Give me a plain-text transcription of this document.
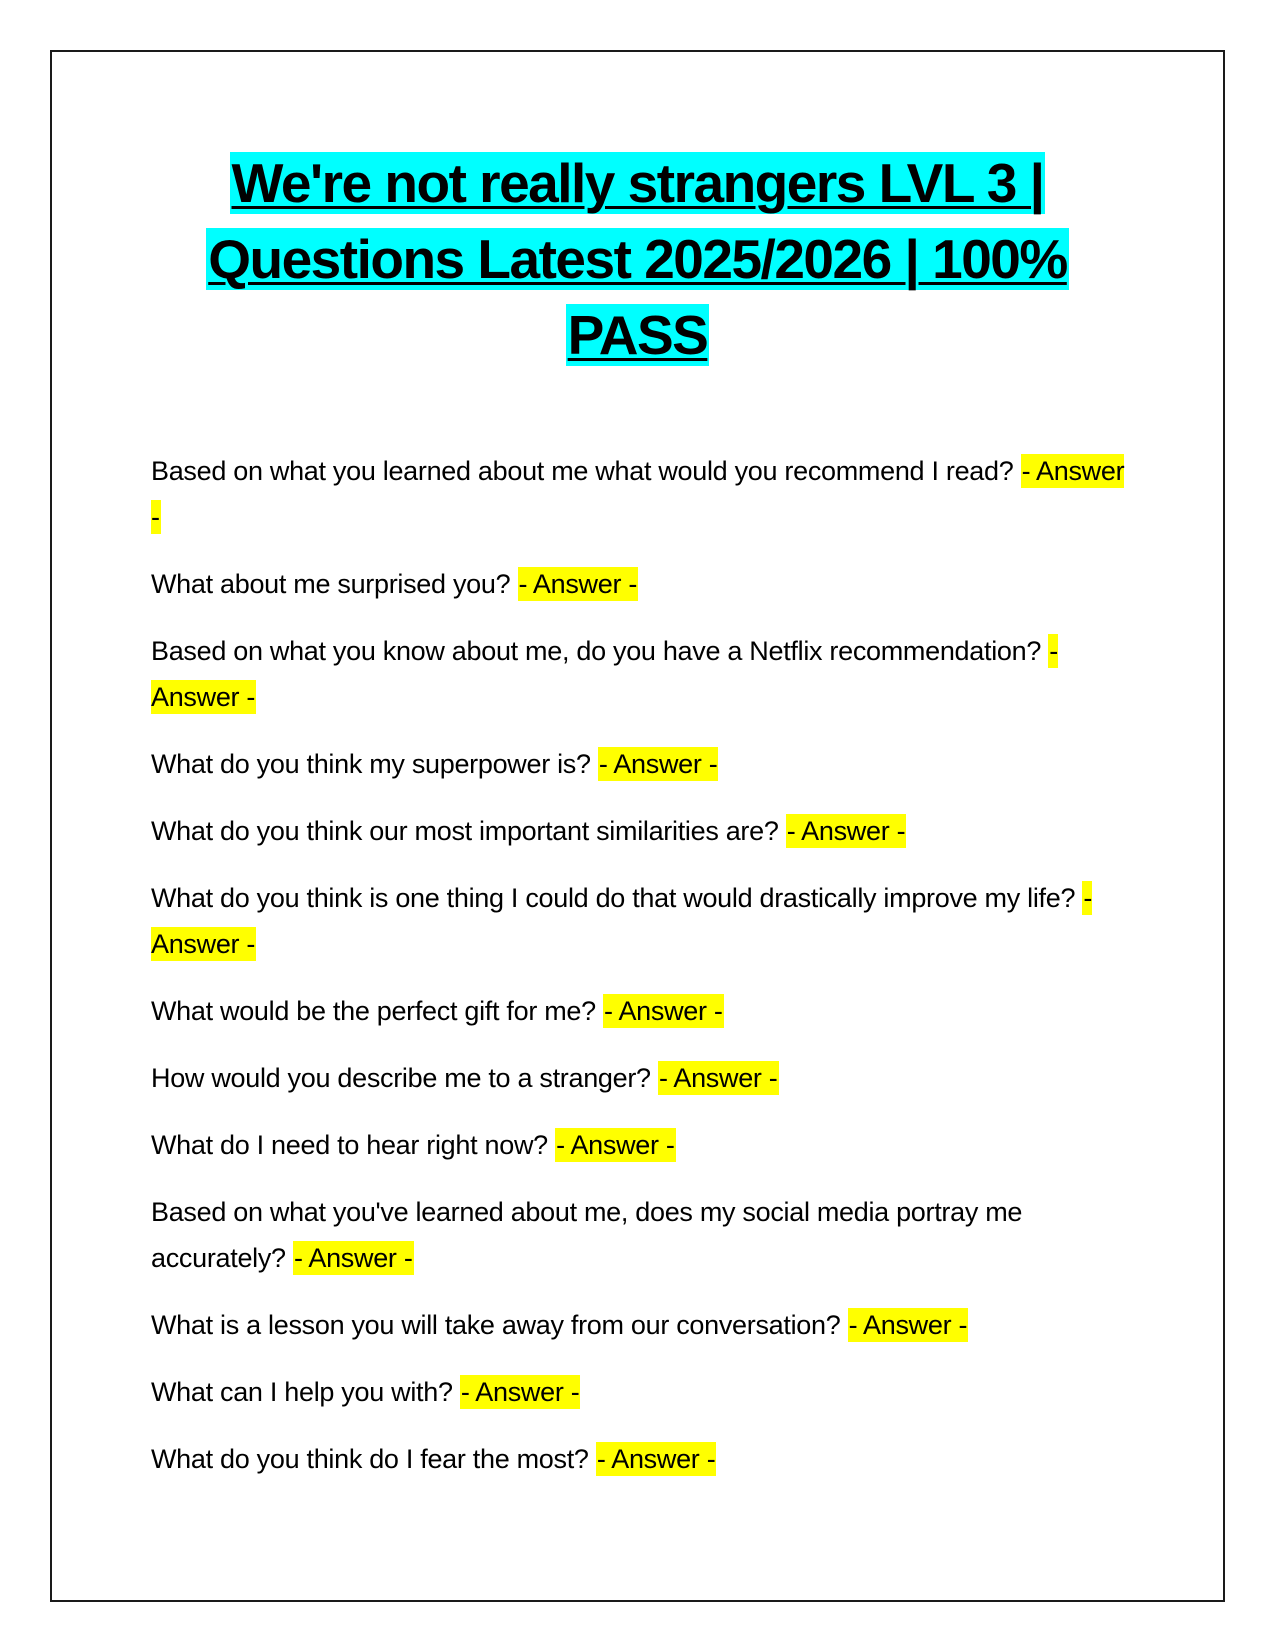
We're not really strangers LVL 3 |
Questions Latest 2025/2026 | 100%
PASS
Based on what you learned about me what would you recommend I read? - Answer -
What about me surprised you? - Answer -
Based on what you know about me, do you have a Netflix recommendation? - Answer -
What do you think my superpower is? - Answer -
What do you think our most important similarities are? - Answer -
What do you think is one thing I could do that would drastically improve my life? - Answer -
What would be the perfect gift for me? - Answer -
How would you describe me to a stranger? - Answer -
What do I need to hear right now? - Answer -
Based on what you've learned about me, does my social media portray me accurately? - Answer -
What is a lesson you will take away from our conversation? - Answer -
What can I help you with? - Answer -
What do you think do I fear the most? - Answer -
